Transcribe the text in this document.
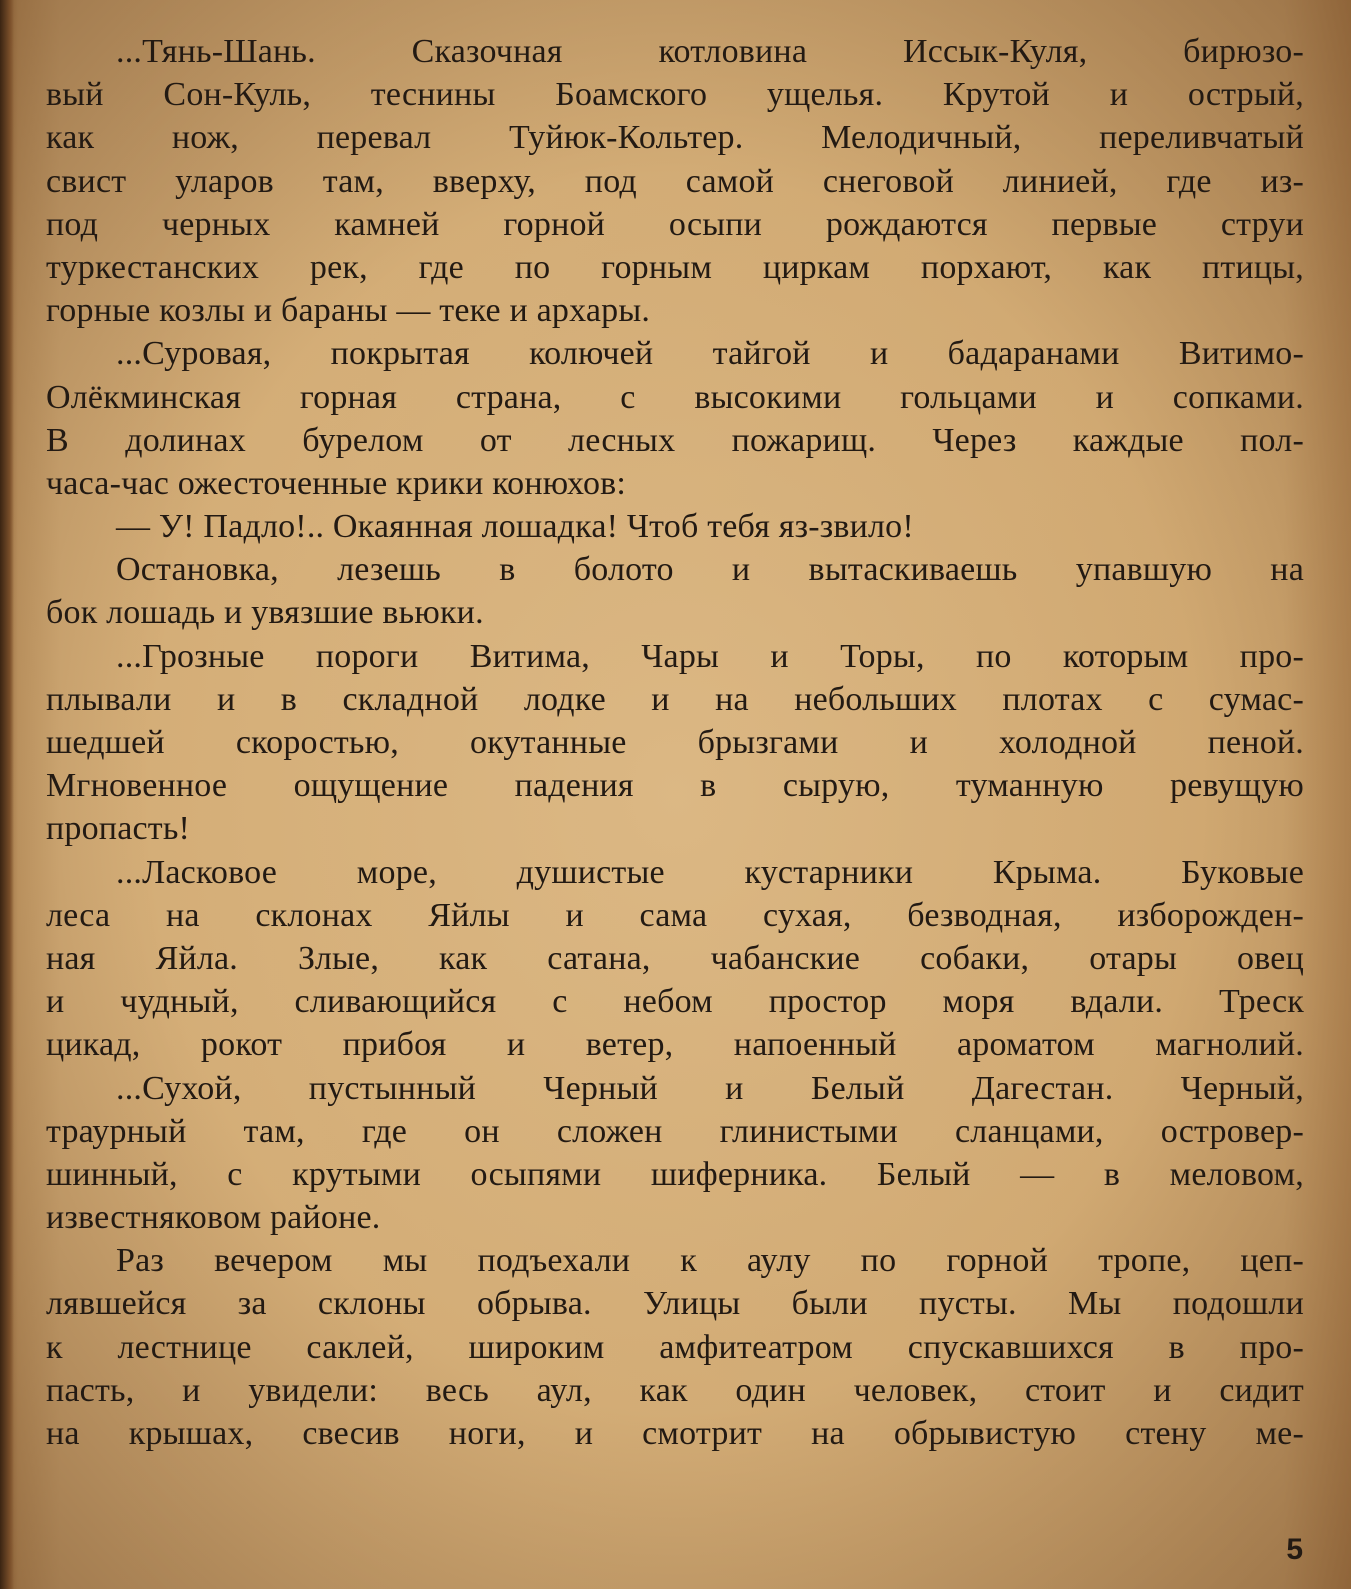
...Тянь-Шань. Сказочная котловина Иссык-Куля, бирюзо-
вый Сон-Куль, теснины Боамского ущелья. Крутой и острый,
как нож, перевал Туйюк-Кольтер. Мелодичный, переливчатый
свист уларов там, вверху, под самой снеговой линией, где из-
под черных камней горной осыпи рождаются первые струи
туркестанских рек, где по горным циркам порхают, как птицы,
горные козлы и бараны — теке и архары.
...Суровая, покрытая колючей тайгой и бадаранами Витимо-
Олёкминская горная страна, с высокими гольцами и сопками.
В долинах бурелом от лесных пожарищ. Через каждые пол-
часа-час ожесточенные крики конюхов:
— У! Падло!.. Окаянная лошадка! Чтоб тебя яз-звило!
Остановка, лезешь в болото и вытаскиваешь упавшую на
бок лошадь и увязшие вьюки.
...Грозные пороги Витима, Чары и Торы, по которым про-
плывали и в складной лодке и на небольших плотах с сумас-
шедшей скоростью, окутанные брызгами и холодной пеной.
Мгновенное ощущение падения в сырую, туманную ревущую
пропасть!
...Ласковое море, душистые кустарники Крыма. Буковые
леса на склонах Яйлы и сама сухая, безводная, изборожден-
ная Яйла. Злые, как сатана, чабанские собаки, отары овец
и чудный, сливающийся с небом простор моря вдали. Треск
цикад, рокот прибоя и ветер, напоенный ароматом магнолий.
...Сухой, пустынный Черный и Белый Дагестан. Черный,
траурный там, где он сложен глинистыми сланцами, островер-
шинный, с крутыми осыпями шиферника. Белый — в меловом,
известняковом районе.
Раз вечером мы подъехали к аулу по горной тропе, цеп-
лявшейся за склоны обрыва. Улицы были пусты. Мы подошли
к лестнице саклей, широким амфитеатром спускавшихся в про-
пасть, и увидели: весь аул, как один человек, стоит и сидит
на крышах, свесив ноги, и смотрит на обрывистую стену ме-
5
